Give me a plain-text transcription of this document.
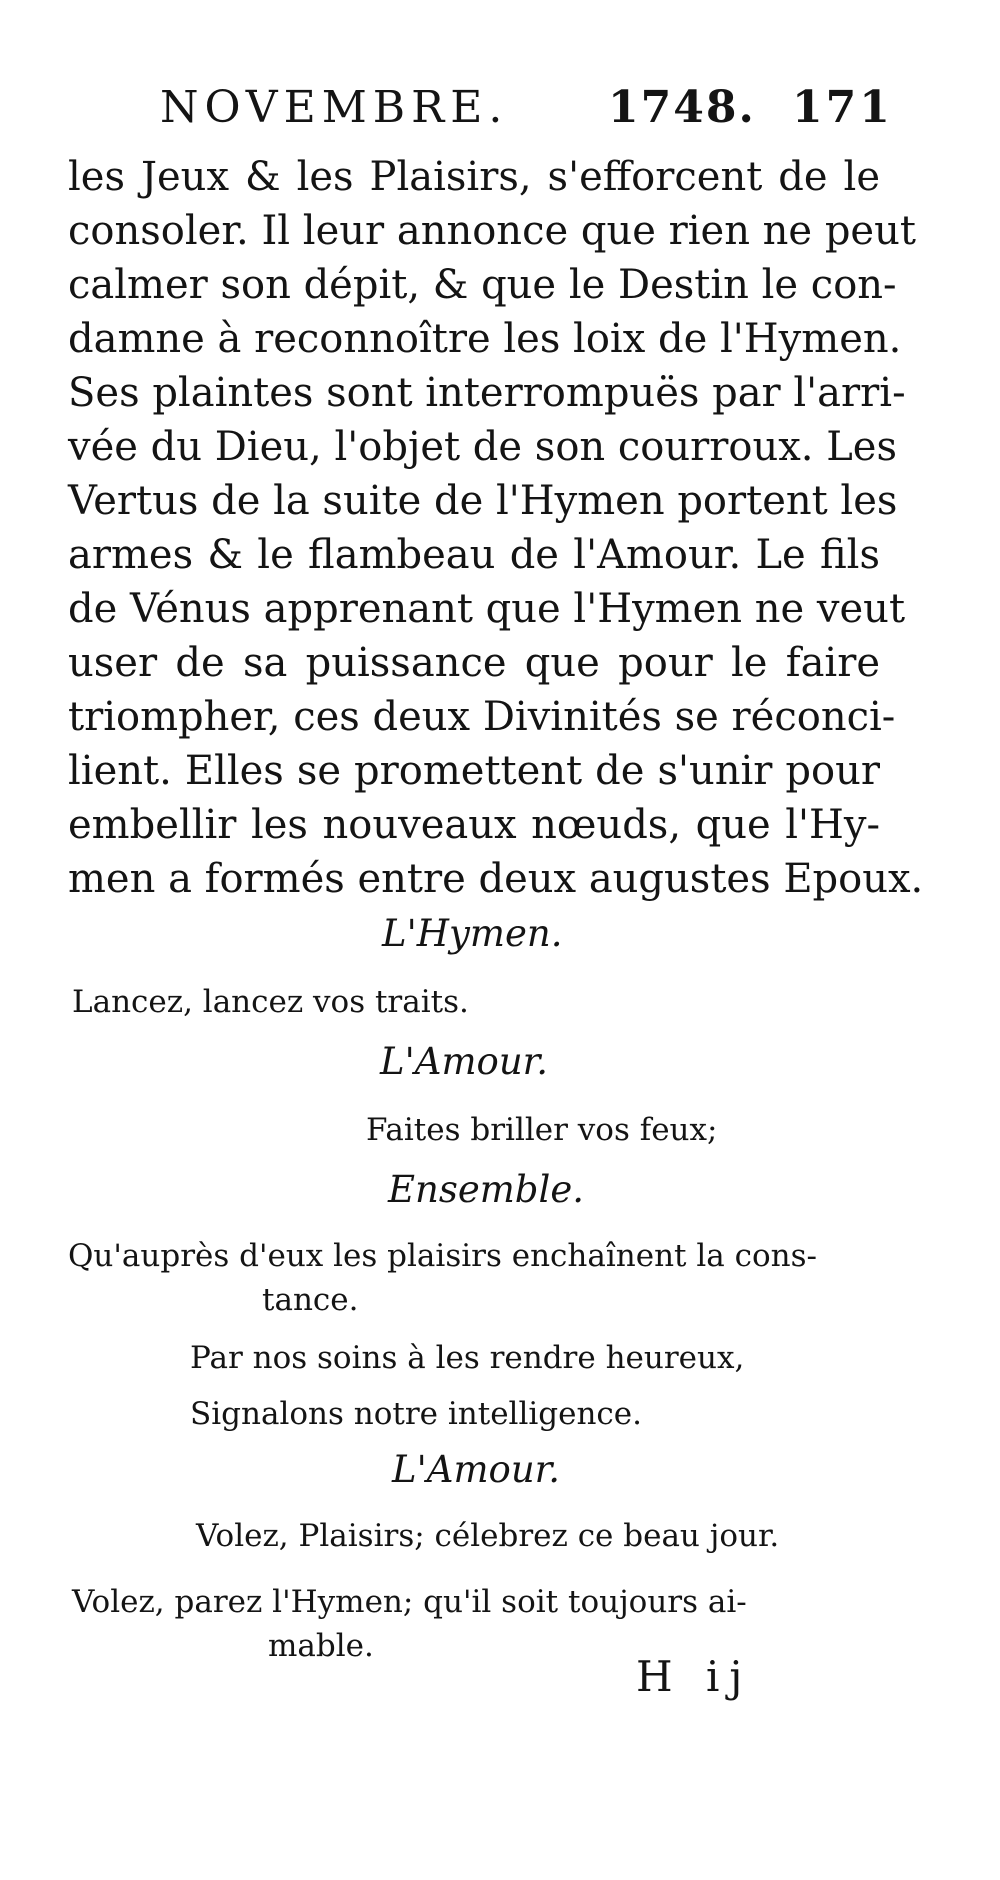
NOVEMBRE. 1748. 171
les Jeux & les Plaisirs, s'efforcent de le
consoler. Il leur annonce que rien ne peut
calmer son dépit, & que le Destin le con-
damne à reconnoître les loix de l'Hymen.
Ses plaintes sont interrompuës par l'arri-
vée du Dieu, l'objet de son courroux. Les
Vertus de la suite de l'Hymen portent les
armes & le flambeau de l'Amour. Le fils
de Vénus apprenant que l'Hymen ne veut
user de sa puissance que pour le faire
triompher, ces deux Divinités se réconci-
lient. Elles se promettent de s'unir pour
embellir les nouveaux nœuds, que l'Hy-
men a formés entre deux augustes Epoux.
L'Hymen.
Lancez, lancez vos traits.
L'Amour.
Faites briller vos feux;
Ensemble.
Qu'auprès d'eux les plaisirs enchaînent la cons-
tance.
Par nos soins à les rendre heureux,
Signalons notre intelligence.
L'Amour.
Volez, Plaisirs; célebrez ce beau jour.
Volez, parez l'Hymen; qu'il soit toujours ai-
mable.
H ij
